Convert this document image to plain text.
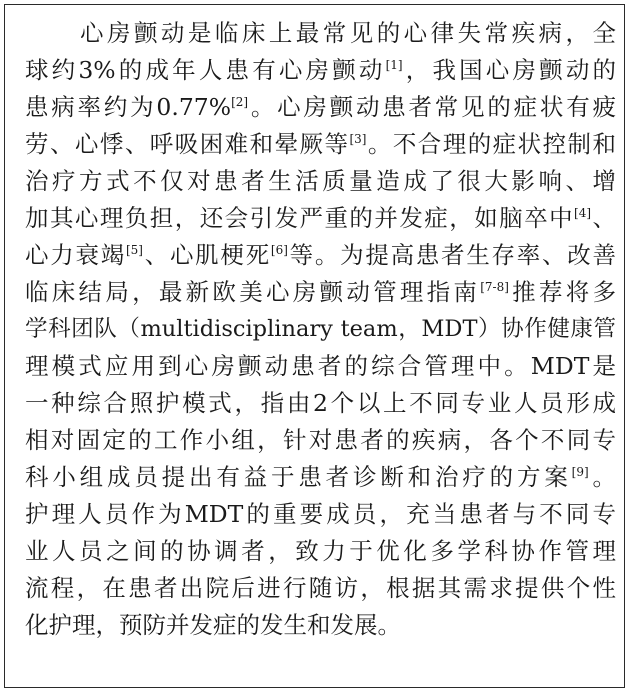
心房颤动是临床上最常见的心律失常疾病，全
球约3%的成年人患有心房颤动[1]，我国心房颤动的
患病率约为0.77%[2]。心房颤动患者常见的症状有疲
劳、心悸、呼吸困难和晕厥等[3]。不合理的症状控制和
治疗方式不仅对患者生活质量造成了很大影响、增
加其心理负担，还会引发严重的并发症，如脑卒中[4]、
心力衰竭[5]、心肌梗死[6]等。为提高患者生存率、改善
临床结局，最新欧美心房颤动管理指南[7-8]推荐将多
学科团队（multidisciplinary team，MDT）协作健康管
理模式应用到心房颤动患者的综合管理中。MDT是
一种综合照护模式，指由2个以上不同专业人员形成
相对固定的工作小组，针对患者的疾病，各个不同专
科小组成员提出有益于患者诊断和治疗的方案[9]。
护理人员作为MDT的重要成员，充当患者与不同专
业人员之间的协调者，致力于优化多学科协作管理
流程，在患者出院后进行随访，根据其需求提供个性
化护理，预防并发症的发生和发展。
